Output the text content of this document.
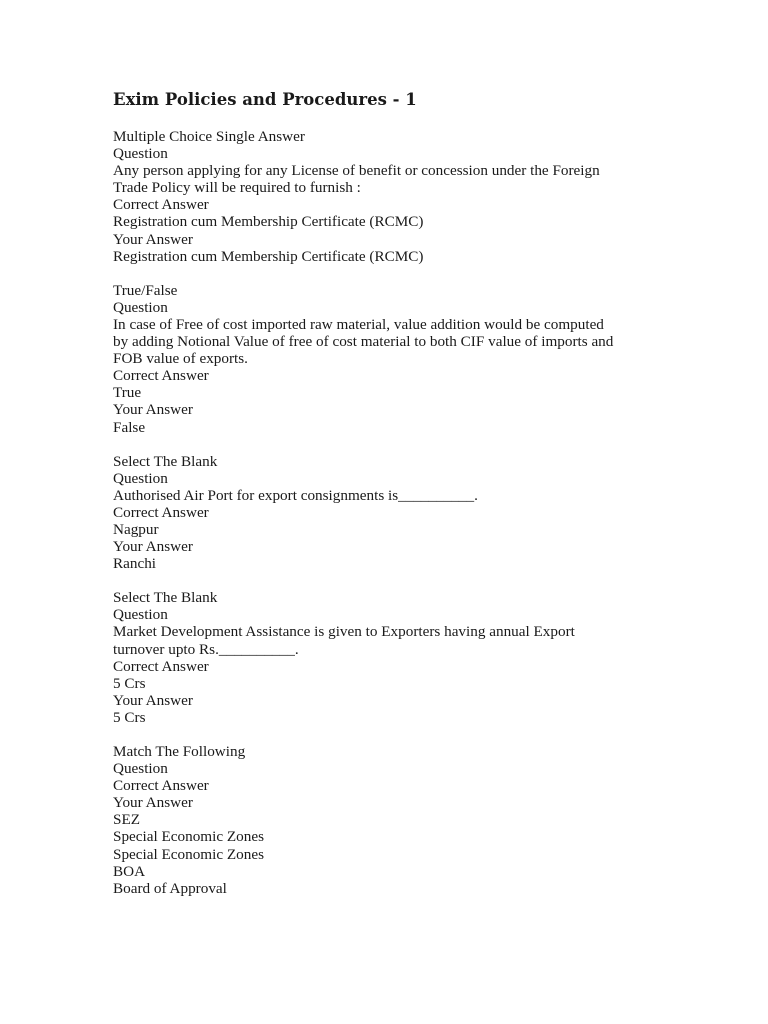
Exim Policies and Procedures - 1
Multiple Choice Single Answer
Question
Any person applying for any License of benefit or concession under the Foreign
Trade Policy will be required to furnish :
Correct Answer
Registration cum Membership Certificate (RCMC)
Your Answer
Registration cum Membership Certificate (RCMC)
True/False
Question
In case of Free of cost imported raw material, value addition would be computed
by adding Notional Value of free of cost material to both CIF value of imports and
FOB value of exports.
Correct Answer
True
Your Answer
False
Select The Blank
Question
Authorised Air Port for export consignments is__________.
Correct Answer
Nagpur
Your Answer
Ranchi
Select The Blank
Question
Market Development Assistance is given to Exporters having annual Export
turnover upto Rs.__________.
Correct Answer
5 Crs
Your Answer
5 Crs
Match The Following
Question
Correct Answer
Your Answer
SEZ
Special Economic Zones
Special Economic Zones
BOA
Board of Approval
